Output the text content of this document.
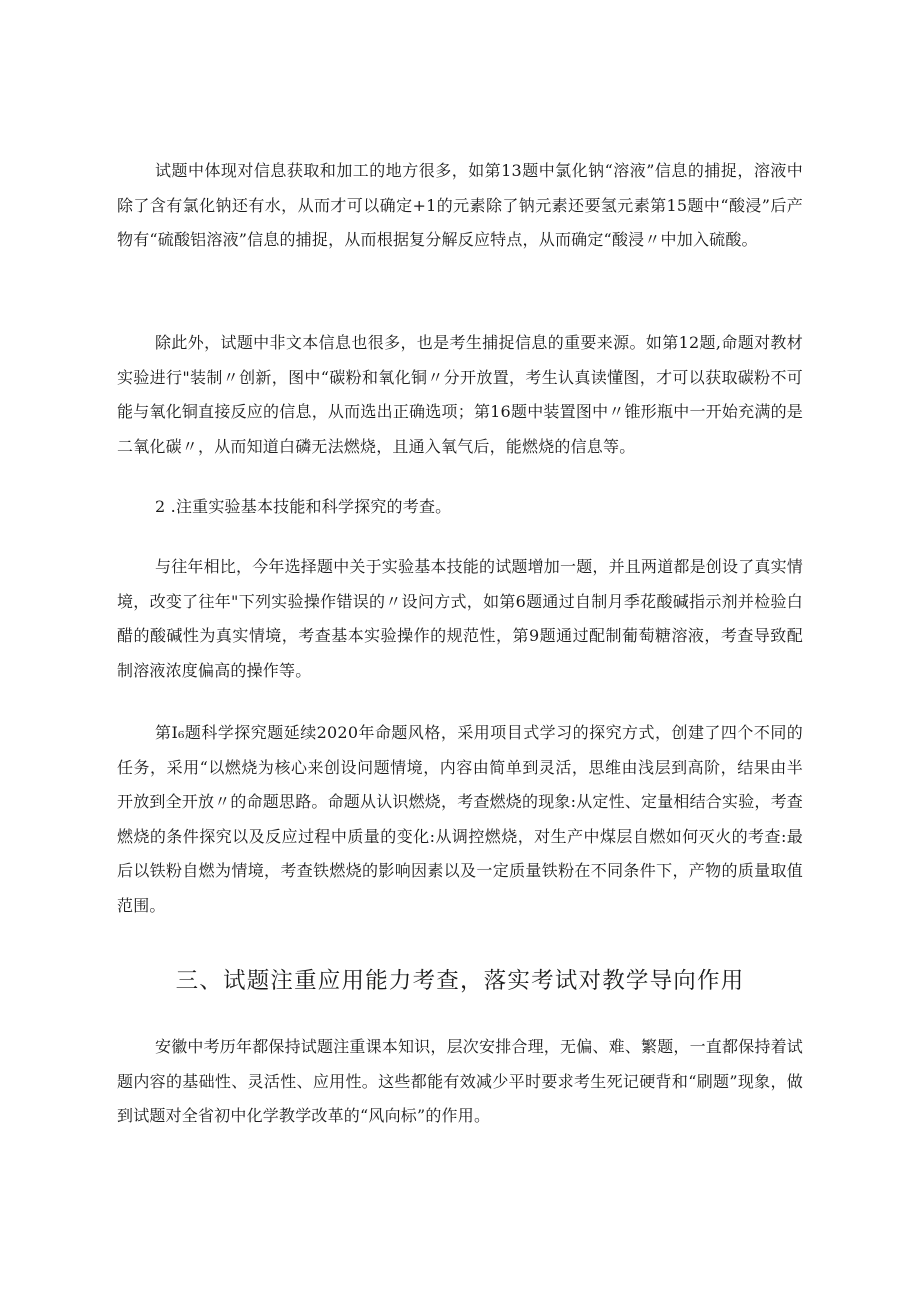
试题中体现对信息获取和加工的地方很多，如第13题中氯化钠“溶液”信息的捕捉，溶液中除了含有氯化钠还有水，从而才可以确定+1的元素除了钠元素还要氢元素第15题中“酸浸”后产物有“硫酸铝溶液”信息的捕捉，从而根据复分解反应特点，从而确定“酸浸〃中加入硫酸。

除此外，试题中非文本信息也很多，也是考生捕捉信息的重要来源。如第12题,命题对教材实验进行"装制〃创新，图中“碳粉和氧化铜〃分开放置，考生认真读懂图，才可以获取碳粉不可能与氧化铜直接反应的信息，从而选出正确选项；第16题中装置图中〃锥形瓶中一开始充满的是二氧化碳〃，从而知道白磷无法燃烧，且通入氧气后，能燃烧的信息等。

2 .注重实验基本技能和科学探究的考查。

与往年相比，今年选择题中关于实验基本技能的试题增加一题，并且两道都是创设了真实情境，改变了往年"下列实验操作错误的〃设问方式，如第6题通过自制月季花酸碱指示剂并检验白醋的酸碱性为真实情境，考查基本实验操作的规范性，第9题通过配制葡萄糖溶液，考查导致配制溶液浓度偏高的操作等。

第I₆题科学探究题延续2020年命题风格，采用项目式学习的探究方式，创建了四个不同的任务，采用“以燃烧为核心来创设问题情境，内容由简单到灵活，思维由浅层到高阶，结果由半开放到全开放〃的命题思路。命题从认识燃烧，考查燃烧的现象:从定性、定量相结合实验，考查燃烧的条件探究以及反应过程中质量的变化:从调控燃烧，对生产中煤层自燃如何灭火的考查:最后以铁粉自燃为情境，考查铁燃烧的影响因素以及一定质量铁粉在不同条件下，产物的质量取值范围。

三、试题注重应用能力考查，落实考试对教学导向作用

安徽中考历年都保持试题注重课本知识，层次安排合理，无偏、难、繁题，一直都保持着试题内容的基础性、灵活性、应用性。这些都能有效减少平时要求考生死记硬背和“刷题”现象，做到试题对全省初中化学教学改革的“风向标”的作用。
